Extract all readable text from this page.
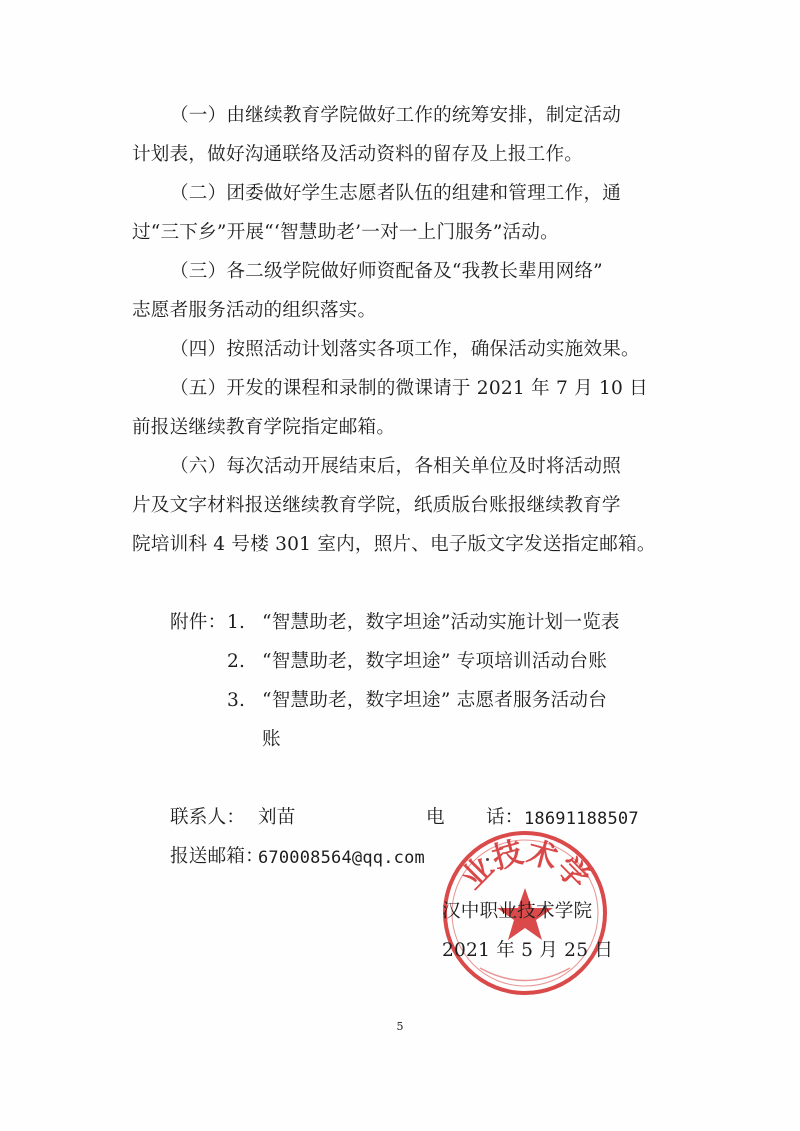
（一）由继续教育学院做好工作的统筹安排，制定活动
计划表，做好沟通联络及活动资料的留存及上报工作。
（二）团委做好学生志愿者队伍的组建和管理工作，通
过“三下乡”开展“‘智慧助老’一对一上门服务”活动。
（三）各二级学院做好师资配备及“我教长辈用网络”
志愿者服务活动的组织落实。
（四）按照活动计划落实各项工作，确保活动实施效果。
（五）开发的课程和录制的微课请于 2021 年 7 月 10 日
前报送继续教育学院指定邮箱。
（六）每次活动开展结束后，各相关单位及时将活动照
片及文字材料报送继续教育学院，纸质版台账报继续教育学
院培训科 4 号楼 301 室内，照片、电子版文字发送指定邮箱。
附件： 1. “智慧助老，数字坦途”活动实施计划一览表
2. “智慧助老，数字坦途” 专项培训活动台账
3. “智慧助老，数字坦途” 志愿者服务活动台
账
联系人： 刘苗	电 话： 18691188507
报送邮箱：
670008564@qq.com 业技术学
汉中职业技术学院
2021 年 5 月 25 日
5
